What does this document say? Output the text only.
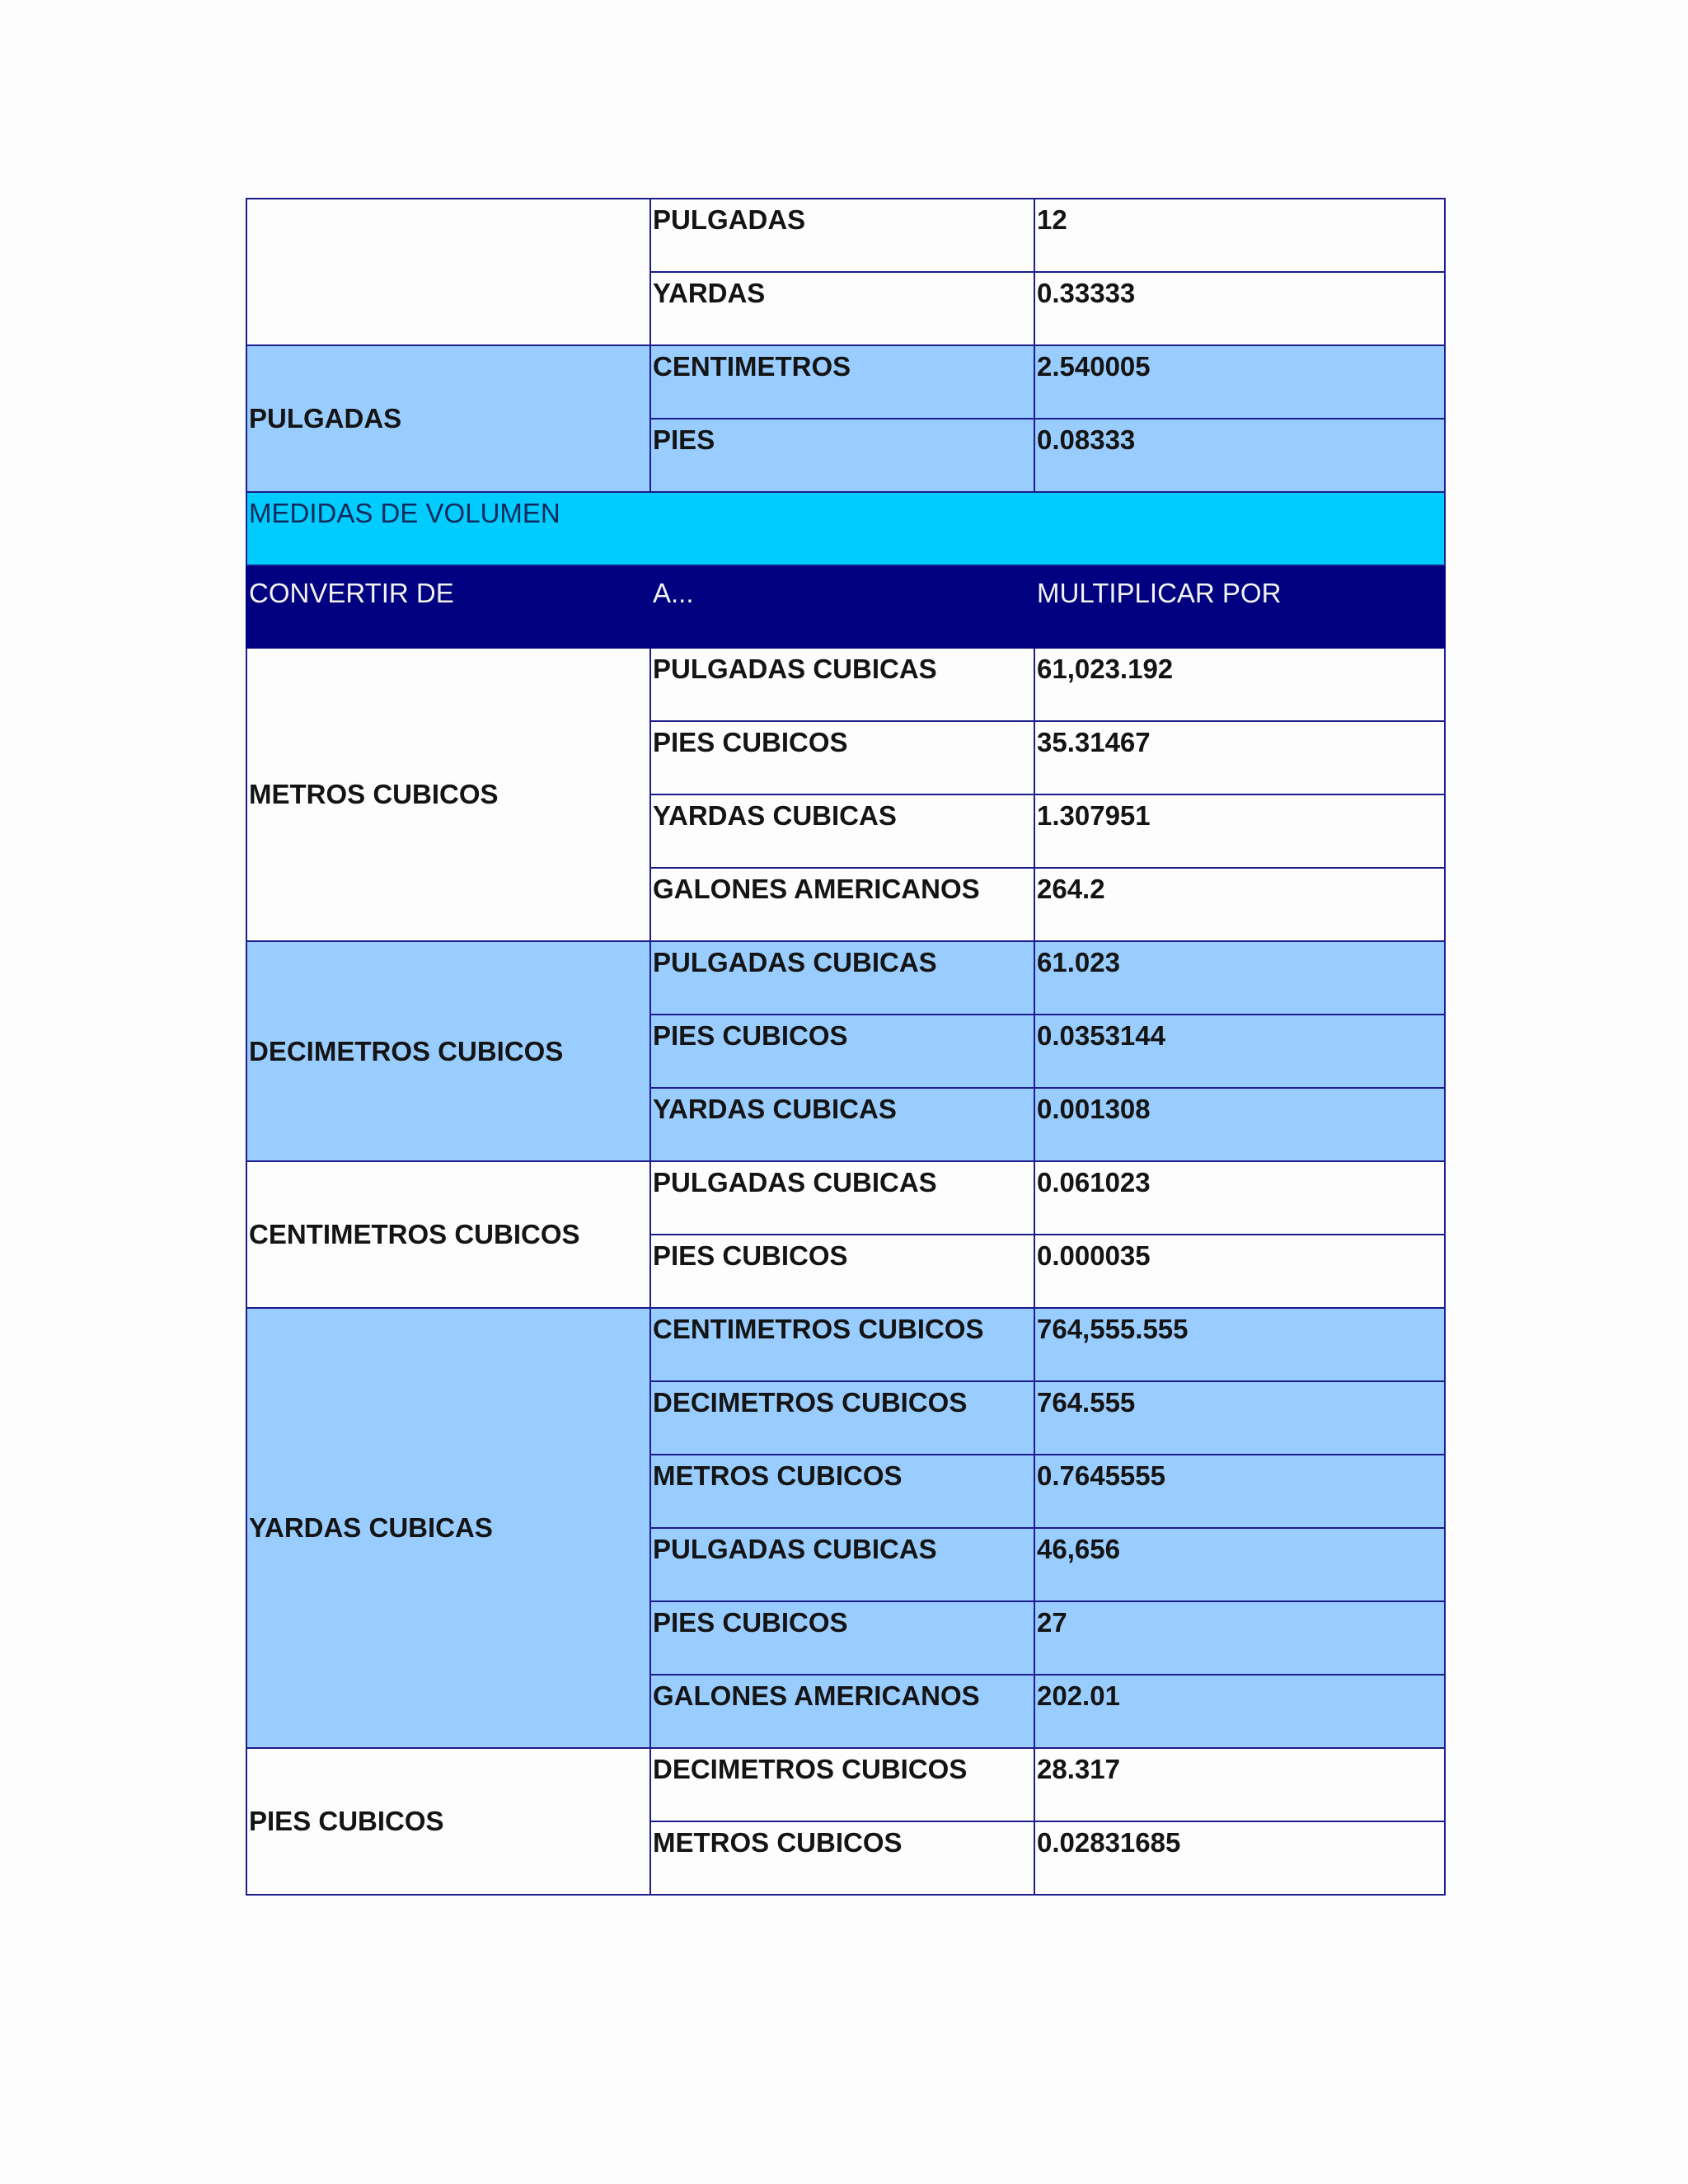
	PULGADAS	12
	YARDAS	0.33333
PULGADAS	CENTIMETROS	2.540005
	PIES	0.08333
MEDIDAS DE VOLUMEN		
CONVERTIR DE	A...	MULTIPLICAR POR
METROS CUBICOS	PULGADAS CUBICAS	61,023.192
	PIES CUBICOS	35.31467
	YARDAS CUBICAS	1.307951
	GALONES AMERICANOS	264.2
DECIMETROS CUBICOS	PULGADAS CUBICAS	61.023
	PIES CUBICOS	0.0353144
	YARDAS CUBICAS	0.001308
CENTIMETROS CUBICOS	PULGADAS CUBICAS	0.061023
	PIES CUBICOS	0.000035
YARDAS CUBICAS	CENTIMETROS CUBICOS	764,555.555
	DECIMETROS CUBICOS	764.555
	METROS CUBICOS	0.7645555
	PULGADAS CUBICAS	46,656
	PIES CUBICOS	27
	GALONES AMERICANOS	202.01
PIES CUBICOS	DECIMETROS CUBICOS	28.317
	METROS CUBICOS	0.02831685
